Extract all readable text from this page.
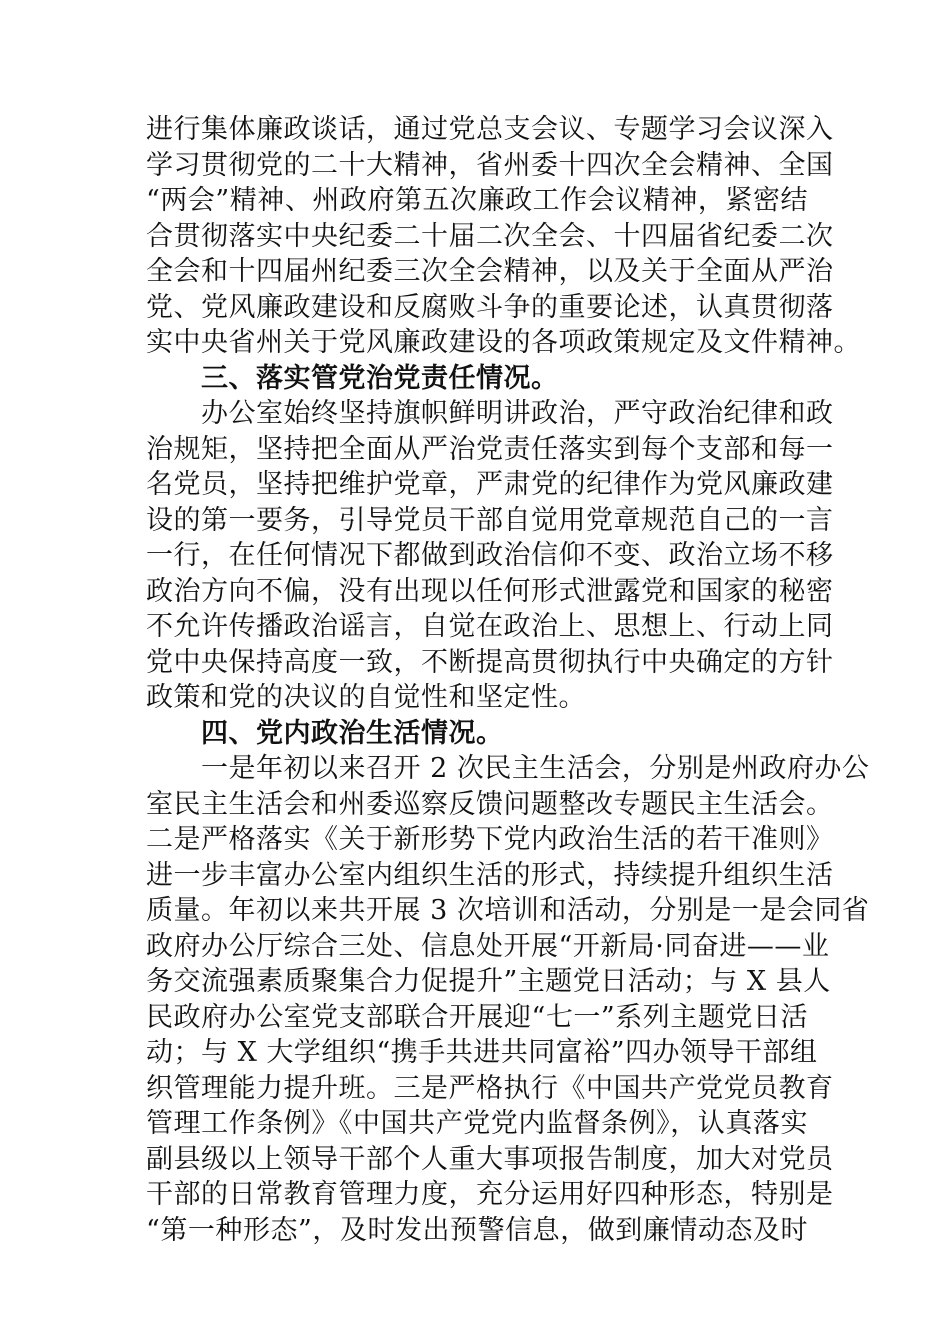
进行集体廉政谈话，通过党总支会议、专题学习会议深入
学习贯彻党的二十大精神，省州委十四次全会精神、全国
“两会”精神、州政府第五次廉政工作会议精神，紧密结
合贯彻落实中央纪委二十届二次全会、十四届省纪委二次
全会和十四届州纪委三次全会精神，以及关于全面从严治
党、党风廉政建设和反腐败斗争的重要论述，认真贯彻落
实中央省州关于党风廉政建设的各项政策规定及文件精神。
　　三、落实管党治党责任情况。
　　办公室始终坚持旗帜鲜明讲政治，严守政治纪律和政
治规矩，坚持把全面从严治党责任落实到每个支部和每一
名党员，坚持把维护党章，严肃党的纪律作为党风廉政建
设的第一要务，引导党员干部自觉用党章规范自己的一言
一行，在任何情况下都做到政治信仰不变、政治立场不移
政治方向不偏，没有出现以任何形式泄露党和国家的秘密
不允许传播政治谣言，自觉在政治上、思想上、行动上同
党中央保持高度一致，不断提高贯彻执行中央确定的方针
政策和党的决议的自觉性和坚定性。
　　四、党内政治生活情况。
　　一是年初以来召开 2 次民主生活会，分别是州政府办公
室民主生活会和州委巡察反馈问题整改专题民主生活会。
二是严格落实《关于新形势下党内政治生活的若干准则》
进一步丰富办公室内组织生活的形式，持续提升组织生活
质量。年初以来共开展 3 次培训和活动，分别是一是会同省
政府办公厅综合三处、信息处开展“开新局·同奋进——业
务交流强素质聚集合力促提升”主题党日活动；与 X 县人
民政府办公室党支部联合开展迎“七一”系列主题党日活
动；与 X 大学组织“携手共进共同富裕”四办领导干部组
织管理能力提升班。三是严格执行《中国共产党党员教育
管理工作条例》《中国共产党党内监督条例》，认真落实
副县级以上领导干部个人重大事项报告制度，加大对党员
干部的日常教育管理力度，充分运用好四种形态，特别是
“第一种形态”，及时发出预警信息，做到廉情动态及时
